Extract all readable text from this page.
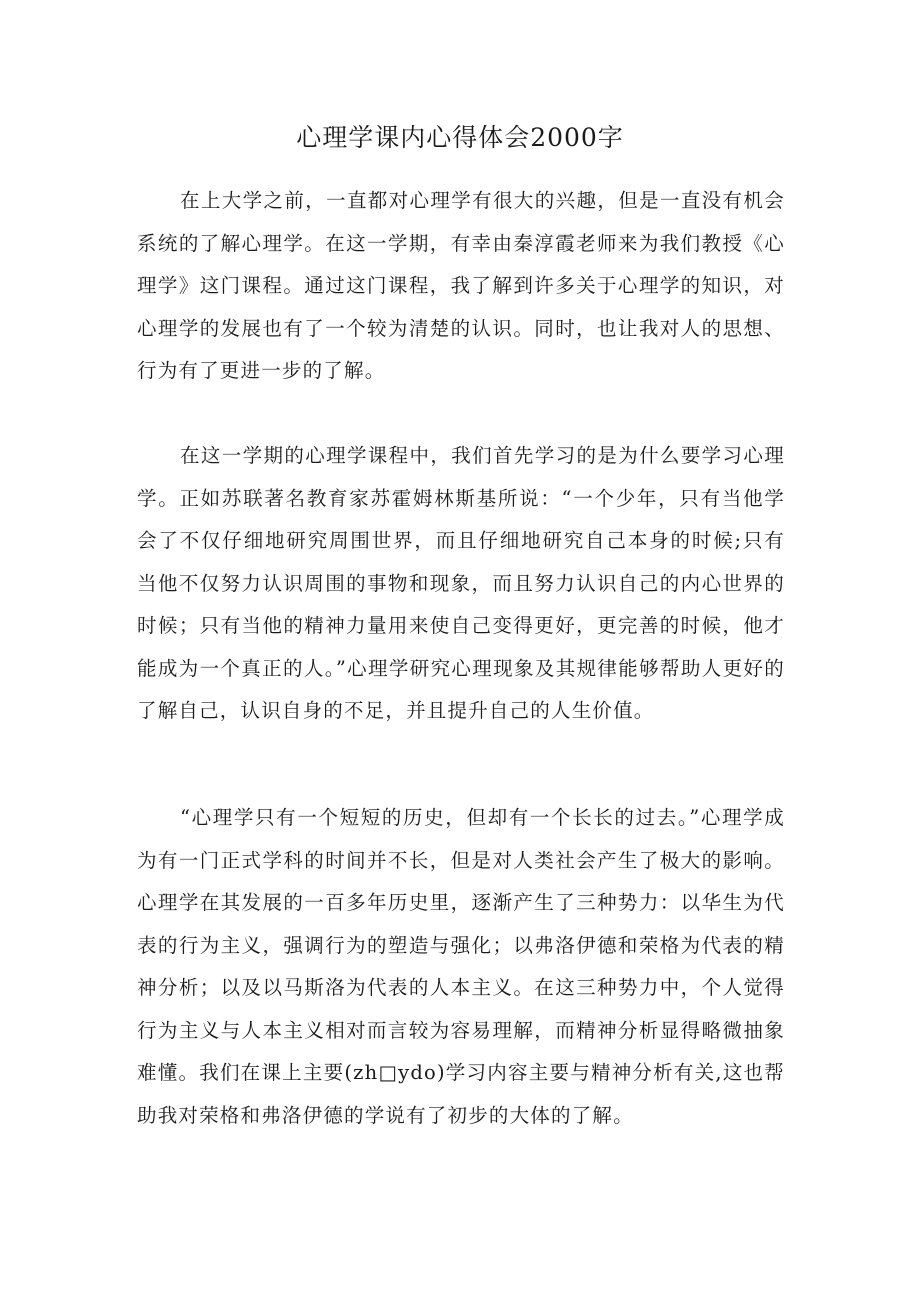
心理学课内心得体会2000字

在上大学之前，一直都对心理学有很大的兴趣，但是一直没有机会系统的了解心理学。在这一学期，有幸由秦淳霞老师来为我们教授《心理学》这门课程。通过这门课程，我了解到许多关于心理学的知识，对心理学的发展也有了一个较为清楚的认识。同时，也让我对人的思想、行为有了更进一步的了解。

在这一学期的心理学课程中，我们首先学习的是为什么要学习心理学。正如苏联著名教育家苏霍姆林斯基所说：“一个少年，只有当他学会了不仅仔细地研究周围世界，而且仔细地研究自己本身的时候;只有当他不仅努力认识周围的事物和现象，而且努力认识自己的内心世界的时候；只有当他的精神力量用来使自己变得更好，更完善的时候，他才能成为一个真正的人。”心理学研究心理现象及其规律能够帮助人更好的了解自己，认识自身的不足，并且提升自己的人生价值。

“心理学只有一个短短的历史，但却有一个长长的过去。”心理学成为有一门正式学科的时间并不长，但是对人类社会产生了极大的影响。心理学在其发展的一百多年历史里，逐渐产生了三种势力：以华生为代表的行为主义，强调行为的塑造与强化；以弗洛伊德和荣格为代表的精神分析；以及以马斯洛为代表的人本主义。在这三种势力中，个人觉得行为主义与人本主义相对而言较为容易理解，而精神分析显得略微抽象难懂。我们在课上主要(zh□ydo)学习内容主要与精神分析有关,这也帮助我对荣格和弗洛伊德的学说有了初步的大体的了解。
